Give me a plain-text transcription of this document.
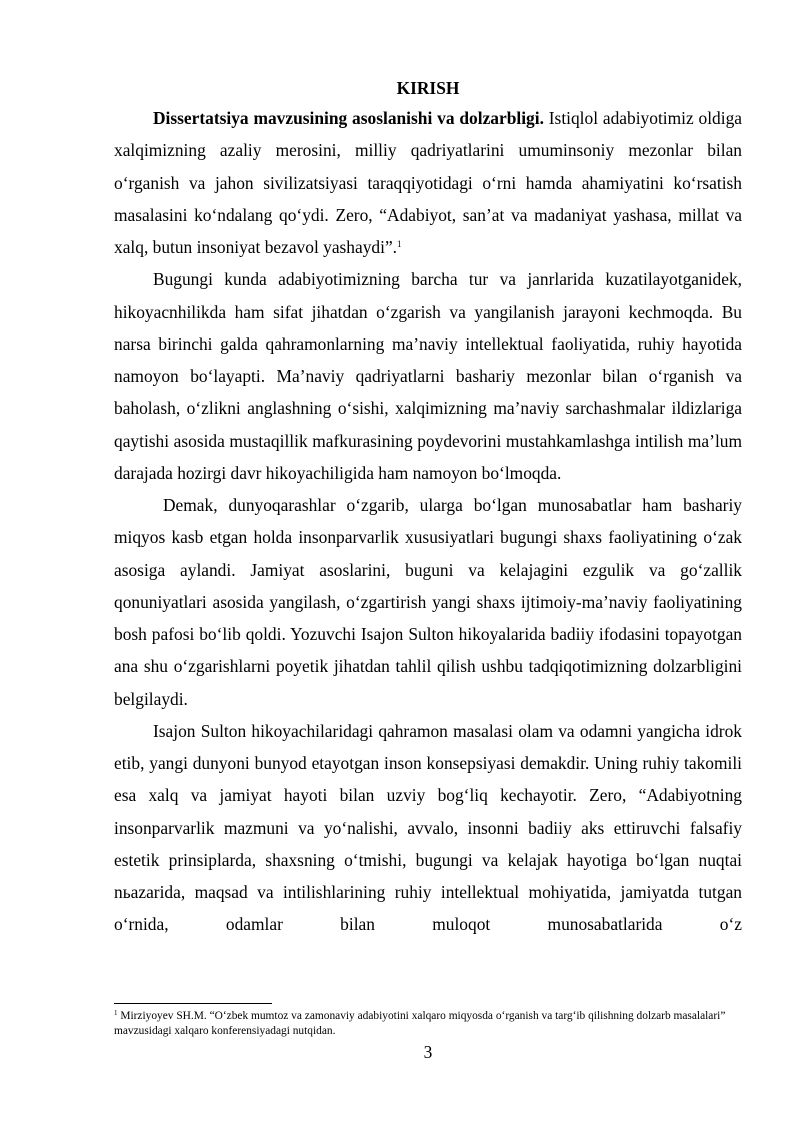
KIRISH

Dissertatsiya mavzusining asoslanishi va dolzarbligi. Istiqlol adabiyotimiz oldiga xalqimizning azaliy merosini, milliy qadriyatlarini umuminsoniy mezonlar bilan o‘rganish va jahon sivilizatsiyasi taraqqiyotidagi o‘rni hamda ahamiyatini ko‘rsatish masalasini ko‘ndalang qo‘ydi. Zero, “Adabiyot, san’at va madaniyat yashasa, millat va xalq, butun insoniyat bezavol yashaydi”.$^1$

Bugungi kunda adabiyotimizning barcha tur va janrlarida kuzatilayotganidek, hikoyacnhilikda ham sifat jihatdan o‘zgarish va yangilanish jarayoni kechmoqda. Bu narsa birinchi galda qahramonlarning ma’naviy intellektual faoliyatida, ruhiy hayotida namoyon bo‘layapti. Ma’naviy qadriyatlarni bashariy mezonlar bilan o‘rganish va baholash, o‘zlikni anglashning o‘sishi, xalqimizning ma’naviy sarchashmalar ildizlariga qaytishi asosida mustaqillik mafkurasining poydevorini mustahkamlashga intilish ma’lum darajada hozirgi davr hikoyachiligida ham namoyon bo‘lmoqda.

Demak, dunyoqarashlar o‘zgarib, ularga bo‘lgan munosabatlar ham bashariy miqyos kasb etgan holda insonparvarlik xususiyatlari bugungi shaxs faoliyatining o‘zak asosiga aylandi. Jamiyat asoslarini, buguni va kelajagini ezgulik va go‘zallik qonuniyatlari asosida yangilash, o‘zgartirish yangi shaxs ijtimoiy-ma’naviy faoliyatining bosh pafosi bo‘lib qoldi. Yozuvchi Isajon Sulton hikoyalarida badiiy ifodasini topayotgan ana shu o‘zgarishlarni poyetik jihatdan tahlil qilish ushbu tadqiqotimizning dolzarbligini belgilaydi.

Isajon Sulton hikoyachilaridagi qahramon masalasi olam va odamni yangicha idrok etib, yangi dunyoni bunyod etayotgan inson konsepsiyasi demakdir. Uning ruhiy takomili esa xalq va jamiyat hayoti bilan uzviy bog‘liq kechayotir. Zero, “Adabiyotning insonparvarlik mazmuni va yo‘nalishi, avvalo, insonni badiiy aks ettiruvchi falsafiy estetik prinsiplarda, shaxsning o‘tmishi, bugungi va kelajak hayotiga bo‘lgan nuqtai nьazarida, maqsad va intilishlarining ruhiy intellektual mohiyatida, jamiyatda tutgan o‘rnida, odamlar bilan muloqot munosabatlarida o‘z

$^1$ Mirziyoyev SH.M. “O‘zbek mumtoz va zamonaviy adabiyotini xalqaro miqyosda o‘rganish va targ‘ib qilishning dolzarb masalalari” mavzusidagi xalqaro konferensiyadagi nutqidan.
3
